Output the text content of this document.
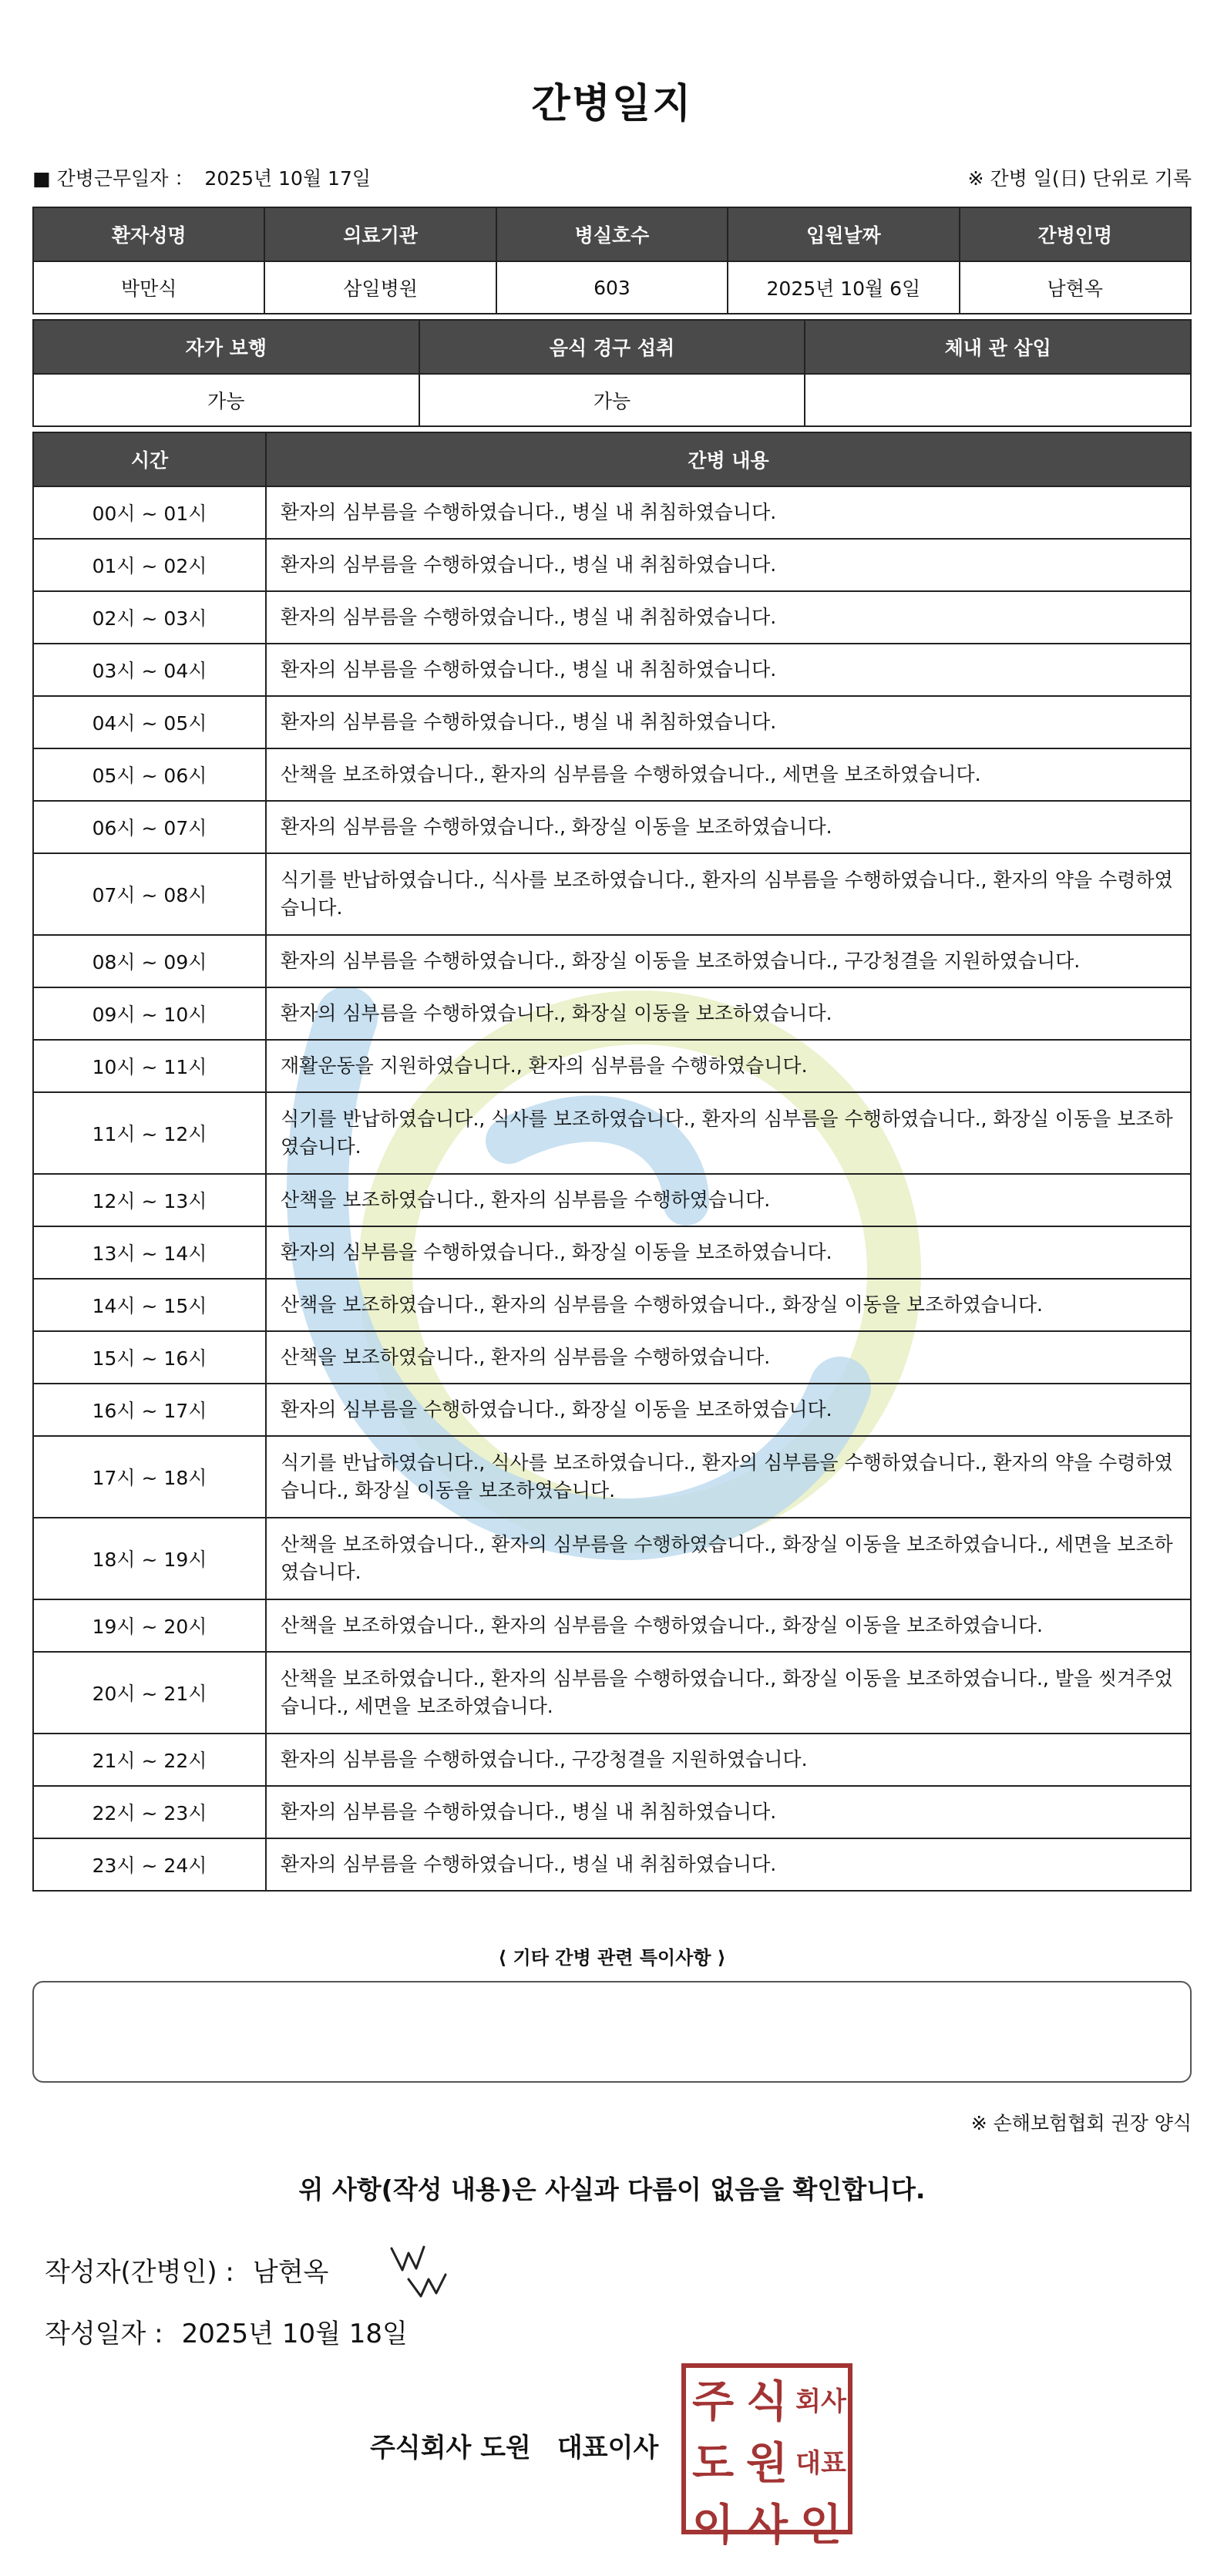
간병일지
■ 간병근무일자 ： 2025년 10월 17일	※ 간병 일(日) 단위로 기록
환자성명	의료기관	병실호수	입원날짜	간병인명
박만식	삼일병원	603	2025년 10월 6일	남현옥
자가 보행	음식 경구 섭취	체내 관 삽입
가능	가능	
시간	간병 내용
00시 ~ 01시	환자의 심부름을 수행하였습니다., 병실 내 취침하였습니다.
01시 ~ 02시	환자의 심부름을 수행하였습니다., 병실 내 취침하였습니다.
02시 ~ 03시	환자의 심부름을 수행하였습니다., 병실 내 취침하였습니다.
03시 ~ 04시	환자의 심부름을 수행하였습니다., 병실 내 취침하였습니다.
04시 ~ 05시	환자의 심부름을 수행하였습니다., 병실 내 취침하였습니다.
05시 ~ 06시	산책을 보조하였습니다., 환자의 심부름을 수행하였습니다., 세면을 보조하였습니다.
06시 ~ 07시	환자의 심부름을 수행하였습니다., 화장실 이동을 보조하였습니다.
07시 ~ 08시	식기를 반납하였습니다., 식사를 보조하였습니다., 환자의 심부름을 수행하였습니다., 환자의 약을 수령하였습니다.
08시 ~ 09시	환자의 심부름을 수행하였습니다., 화장실 이동을 보조하였습니다., 구강청결을 지원하였습니다.
09시 ~ 10시	환자의 심부름을 수행하였습니다., 화장실 이동을 보조하였습니다.
10시 ~ 11시	재활운동을 지원하였습니다., 환자의 심부름을 수행하였습니다.
11시 ~ 12시	식기를 반납하였습니다., 식사를 보조하였습니다., 환자의 심부름을 수행하였습니다., 화장실 이동을 보조하였습니다.
12시 ~ 13시	산책을 보조하였습니다., 환자의 심부름을 수행하였습니다.
13시 ~ 14시	환자의 심부름을 수행하였습니다., 화장실 이동을 보조하였습니다.
14시 ~ 15시	산책을 보조하였습니다., 환자의 심부름을 수행하였습니다., 화장실 이동을 보조하였습니다.
15시 ~ 16시	산책을 보조하였습니다., 환자의 심부름을 수행하였습니다.
16시 ~ 17시	환자의 심부름을 수행하였습니다., 화장실 이동을 보조하였습니다.
17시 ~ 18시	식기를 반납하였습니다., 식사를 보조하였습니다., 환자의 심부름을 수행하였습니다., 환자의 약을 수령하였습니다., 화장실 이동을 보조하였습니다.
18시 ~ 19시	산책을 보조하였습니다., 환자의 심부름을 수행하였습니다., 화장실 이동을 보조하였습니다., 세면을 보조하였습니다.
19시 ~ 20시	산책을 보조하였습니다., 환자의 심부름을 수행하였습니다., 화장실 이동을 보조하였습니다.
20시 ~ 21시	산책을 보조하였습니다., 환자의 심부름을 수행하였습니다., 화장실 이동을 보조하였습니다., 발을 씻겨주었습니다., 세면을 보조하였습니다.
21시 ~ 22시	환자의 심부름을 수행하였습니다., 구강청결을 지원하였습니다.
22시 ~ 23시	환자의 심부름을 수행하였습니다., 병실 내 취침하였습니다.
23시 ~ 24시	환자의 심부름을 수행하였습니다., 병실 내 취침하였습니다.
⟨ 기타 간병 관련 특이사항 ⟩
※ 손해보험협회 권장 양식
위 사항(작성 내용)은 사실과 다름이 없음을 확인합니다.
작성자(간병인) : 남현옥
작성일자 : 2025년 10월 18일
주식회사 도원 대표이사
주 식 회사
도 원 대표
이 사 인
